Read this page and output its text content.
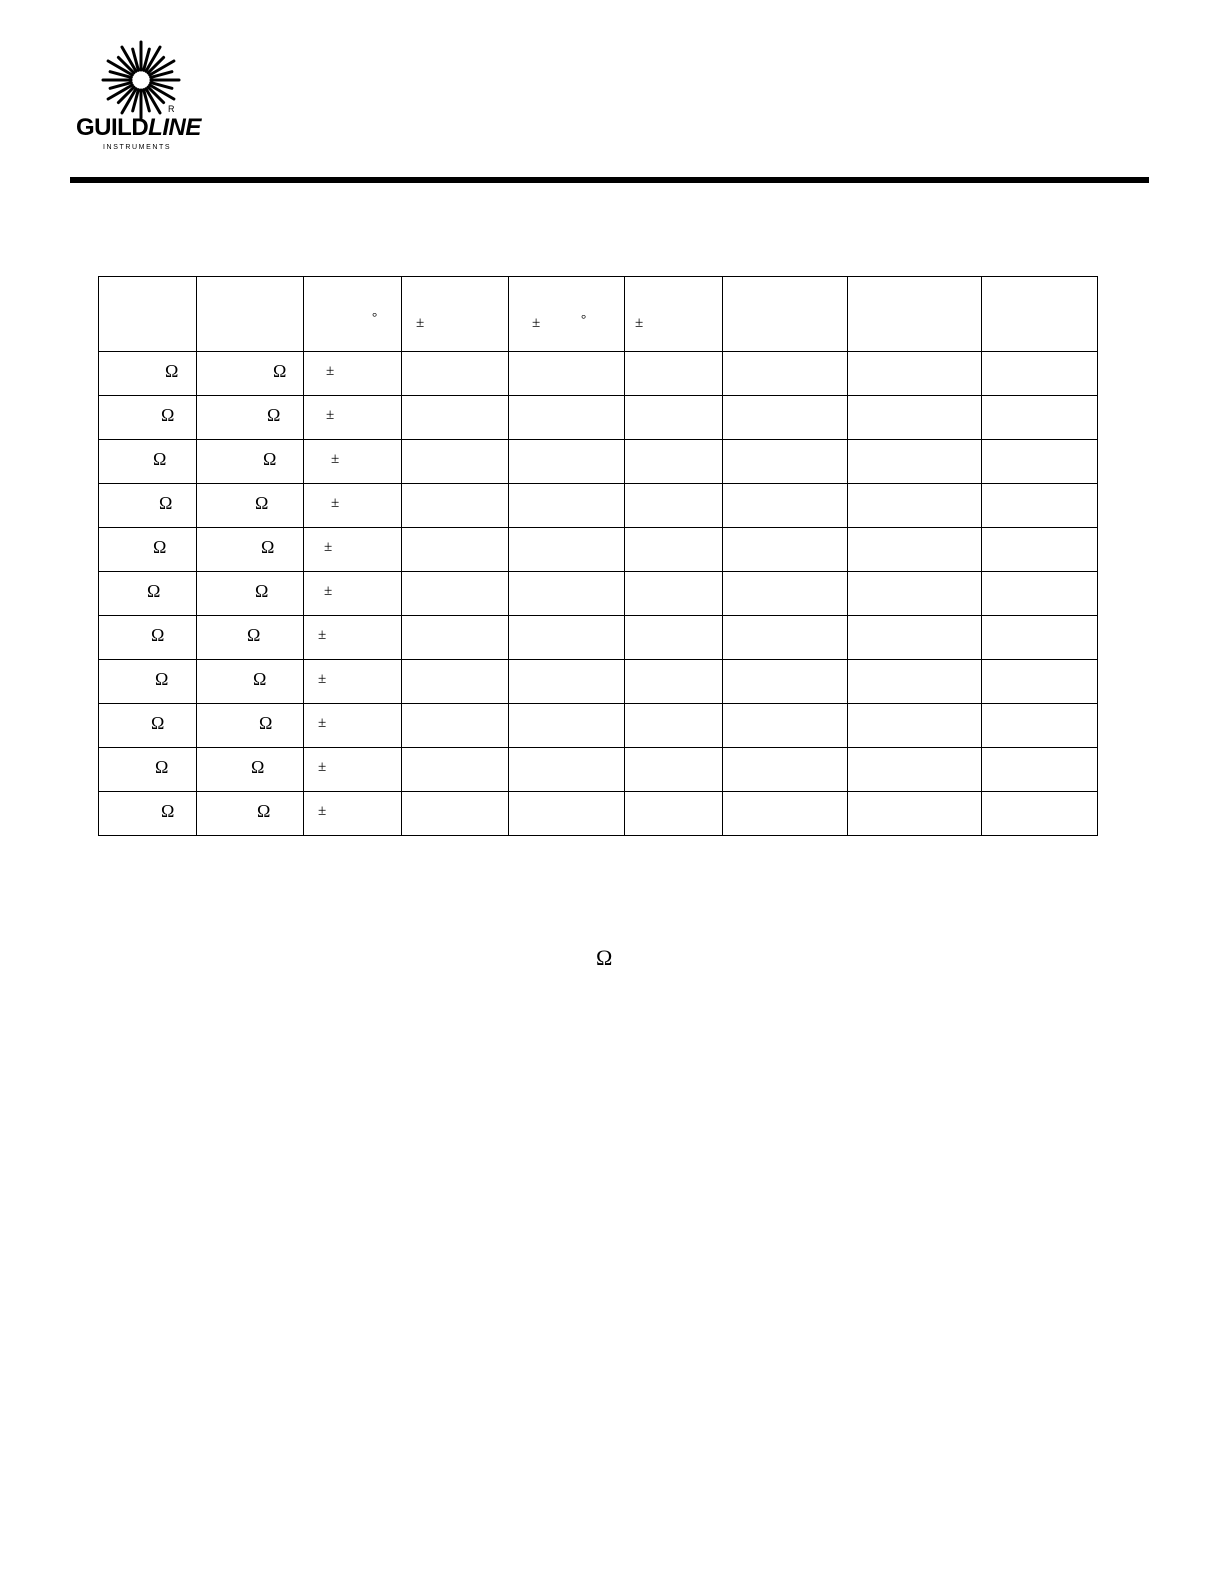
R
GUILDLINE
INSTRUMENTS

		°	±	± °	±			

Ω	Ω	±						

Ω	Ω	±						

Ω	Ω	±						

Ω	Ω	±						

Ω	Ω	±						

Ω	Ω	±						

Ω	Ω	±						

Ω	Ω	±						

Ω	Ω	±						

Ω	Ω	±						

Ω	Ω	±						

Ω
